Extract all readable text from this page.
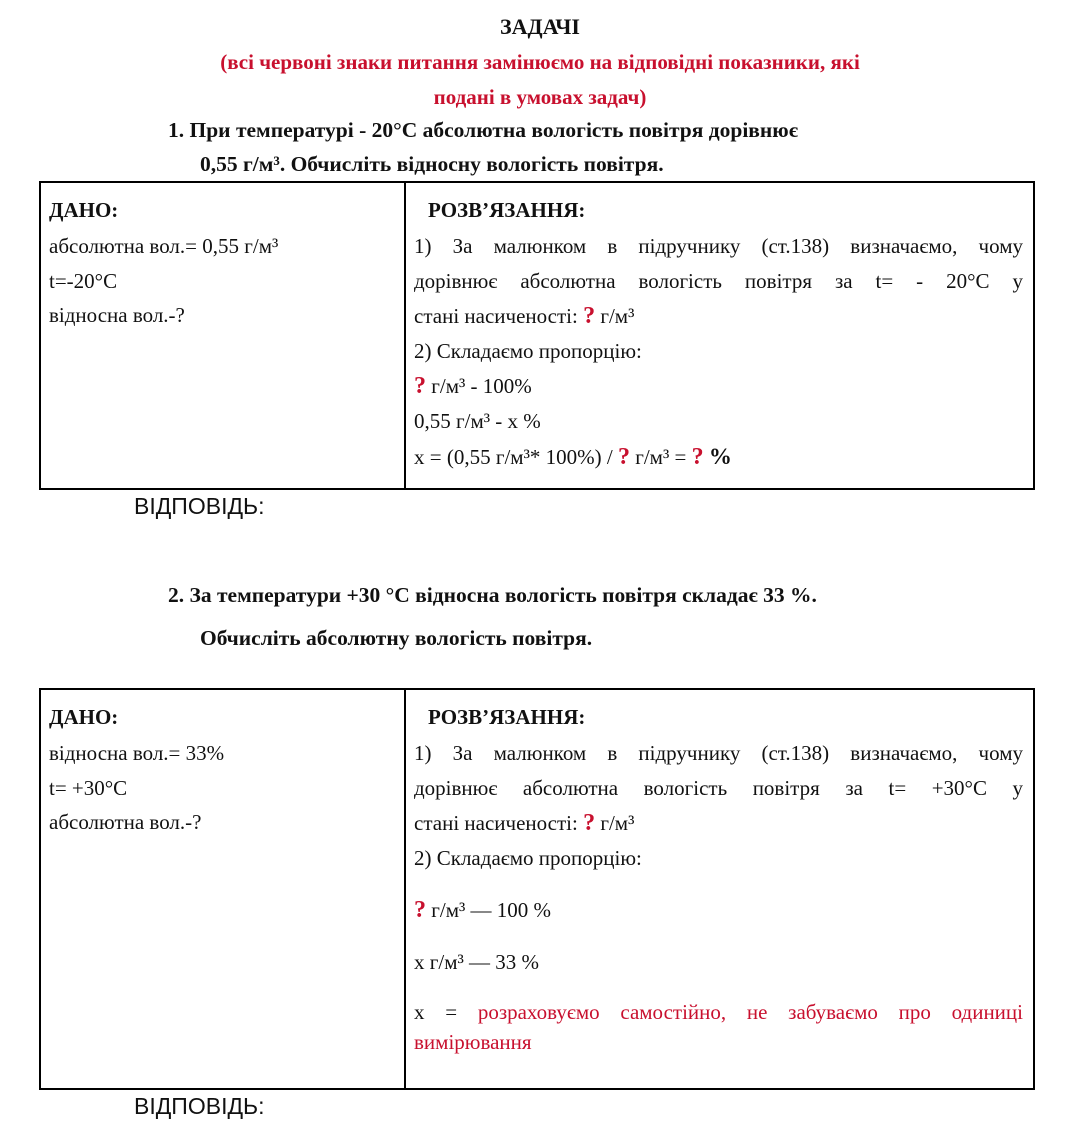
ЗАДАЧІ
(всі червоні знаки питання замінюємо на відповідні показники, які
подані в умовах задач)
1. При температурі - 20°С абсолютна вологість повітря дорівнює
0,55 г/м³. Обчисліть відносну вологість повітря.
ДАНО:
абсолютна вол.= 0,55 г/м³
t=-20°С
відносна вол.-?

РОЗВ’ЯЗАННЯ:
1) За малюнком в підручнику (ст.138) визначаємо, чому
дорівнює абсолютна вологість повітря за t= - 20°С у
стані насиченості: ? г/м³
2) Складаємо пропорцію:
? г/м³ - 100%
0,55 г/м³ - х %
х = (0,55 г/м³* 100%) / ? г/м³ = ? %
ВІДПОВІДЬ:
2. За температури +30 °С відносна вологість повітря складає 33 %.
Обчисліть абсолютну вологість повітря.
ДАНО:
відносна вол.= 33%
t= +30°С
абсолютна вол.-?

РОЗВ’ЯЗАННЯ:
1) За малюнком в підручнику (ст.138) визначаємо, чому
дорівнює абсолютна вологість повітря за t= +30°С у
стані насиченості: ? г/м³
2) Складаємо пропорцію:
? г/м³ — 100 %
х г/м³ — 33 %
х = розраховуємо самостійно, не забуваємо про одиниці
вимірювання
ВІДПОВІДЬ:
